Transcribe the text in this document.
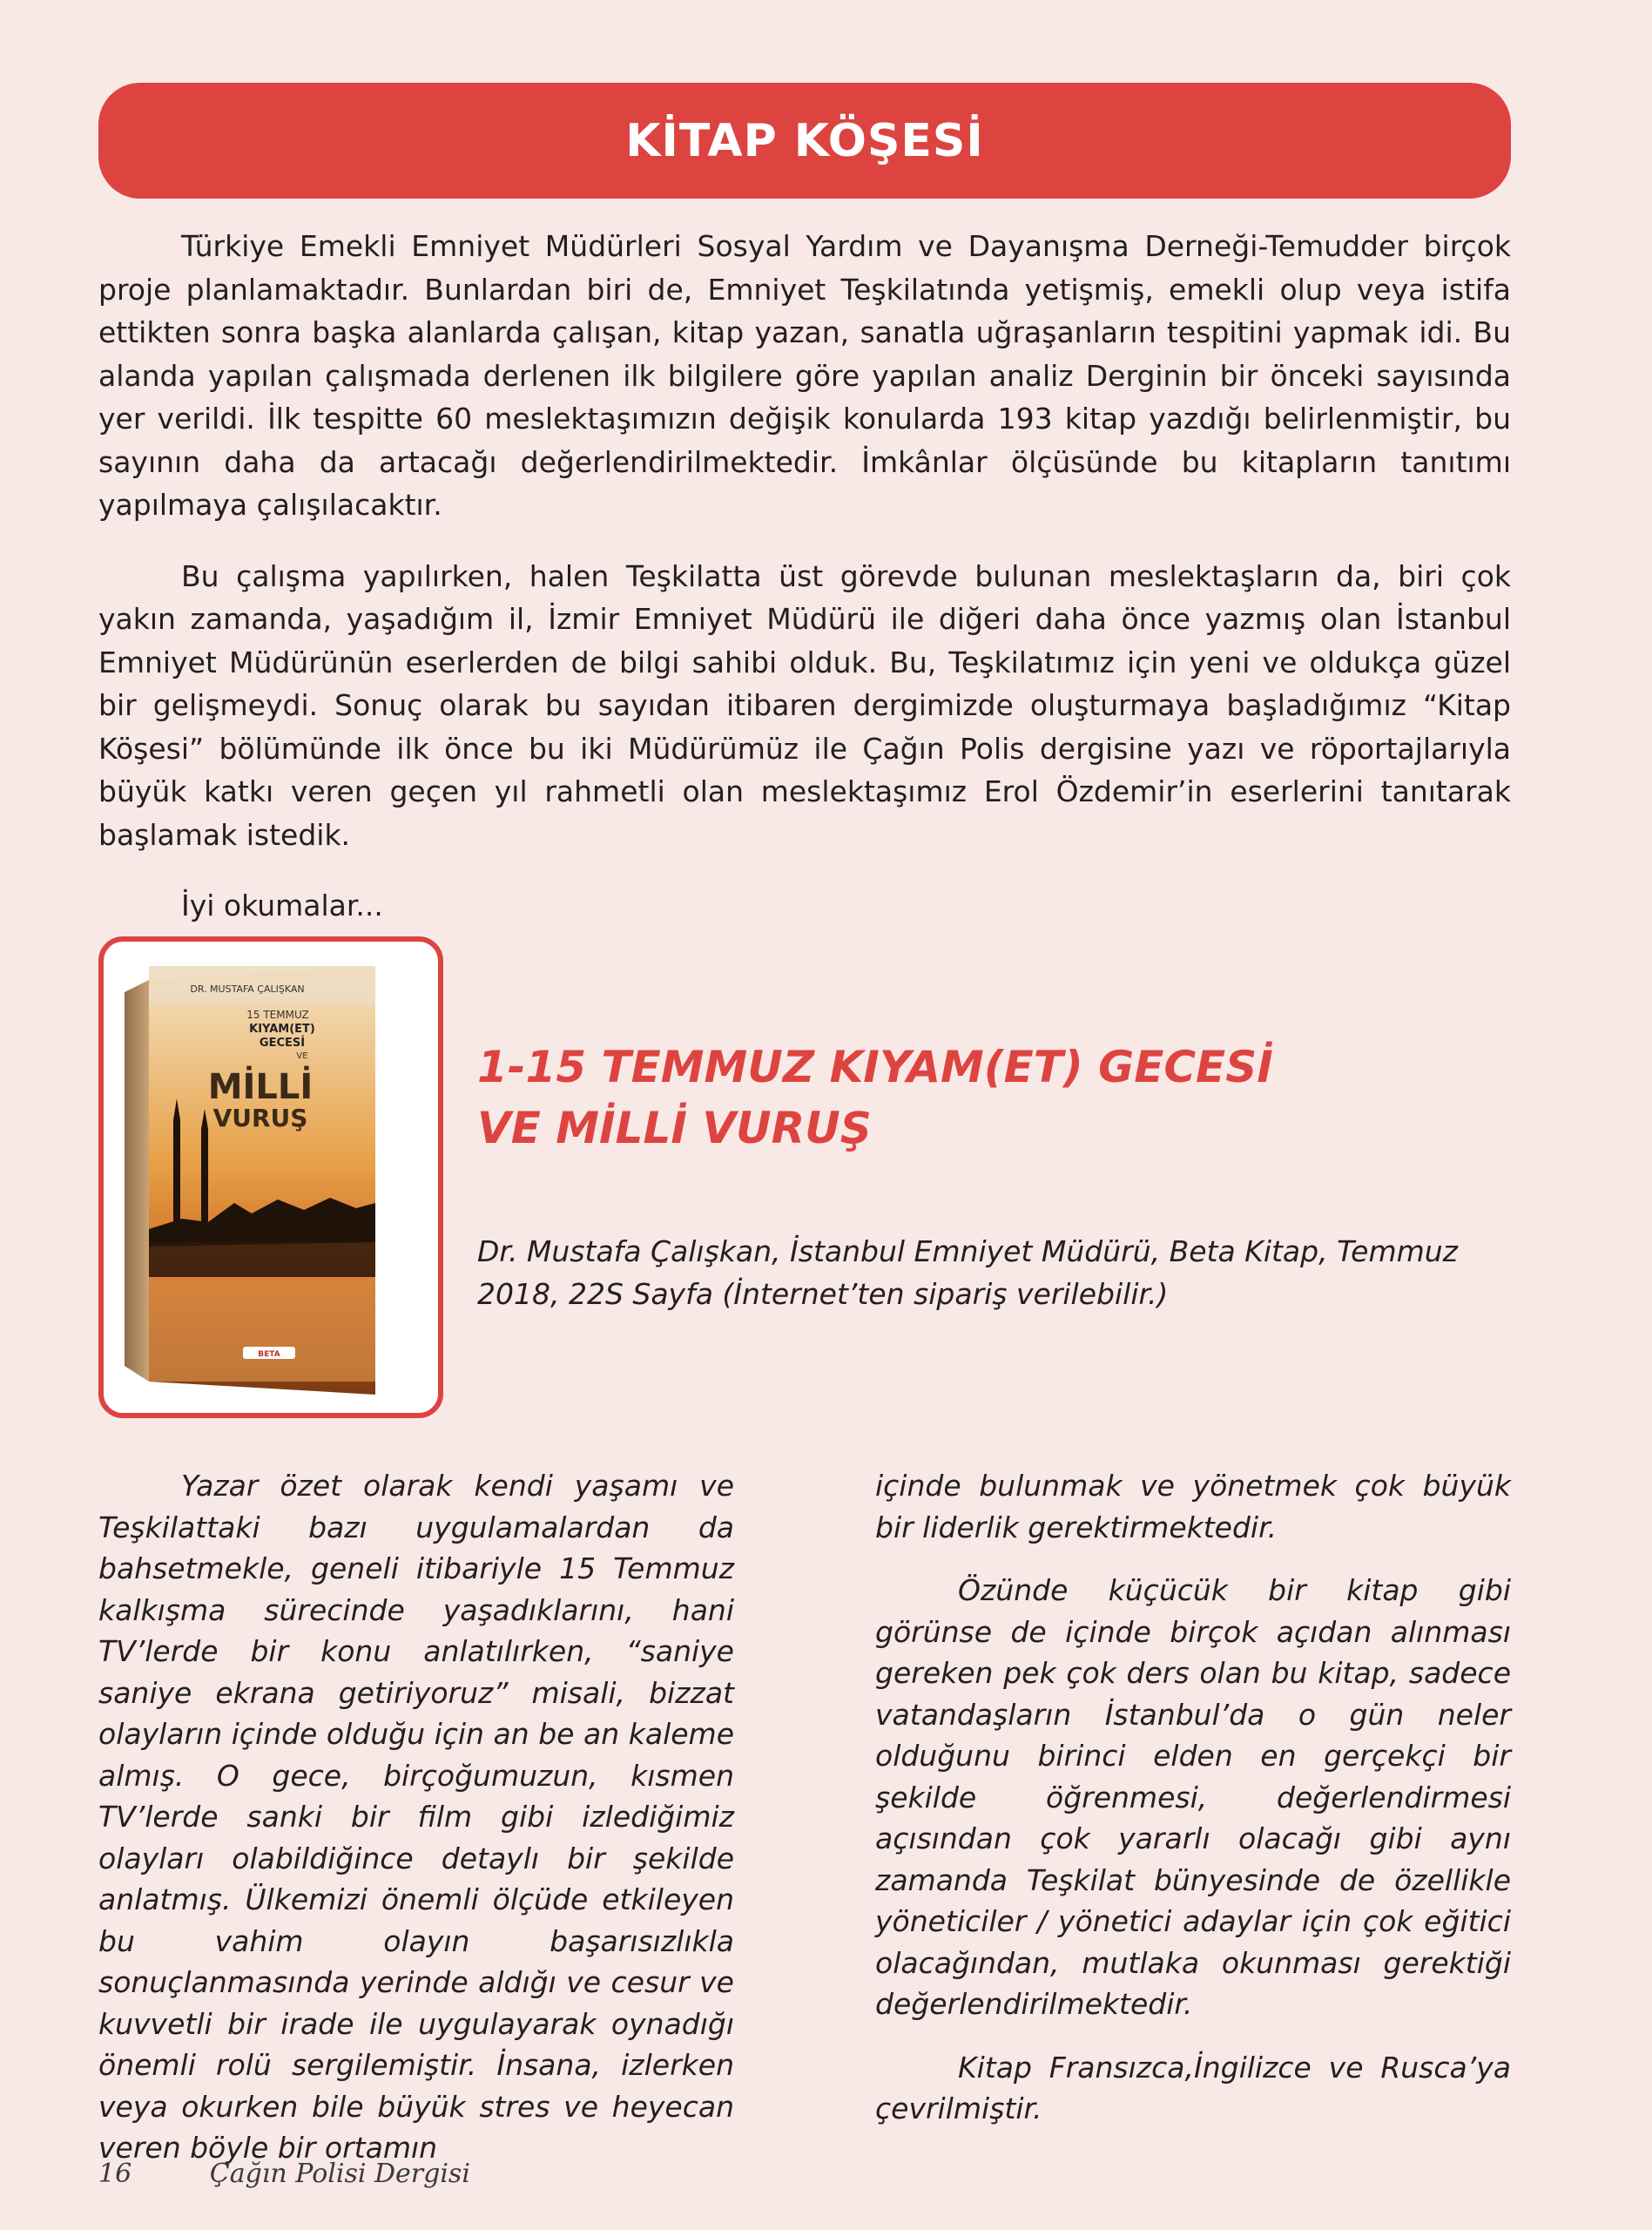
KİTAP KÖŞESİ

Türkiye Emekli Emniyet Müdürleri Sosyal Yardım ve Dayanışma Derneği-Temudder birçok proje planlamaktadır. Bunlardan biri de, Emniyet Teşkilatında yetişmiş, emekli olup veya istifa ettikten sonra başka alanlarda çalışan, kitap yazan, sanatla uğraşanların tespitini yapmak idi. Bu alanda yapılan çalışmada derlenen ilk bilgilere göre yapılan analiz Derginin bir önceki sayısında yer verildi. İlk tespitte 60 meslektaşımızın değişik konularda 193 kitap yazdığı belirlenmiştir, bu sayının daha da artacağı değerlendirilmektedir. İmkânlar ölçüsünde bu kitapların tanıtımı yapılmaya çalışılacaktır.

Bu çalışma yapılırken, halen Teşkilatta üst görevde bulunan meslektaşların da, biri çok yakın zamanda, yaşadığım il, İzmir Emniyet Müdürü ile diğeri daha önce yazmış olan İstanbul Emniyet Müdürünün eserlerden de bilgi sahibi olduk. Bu, Teşkilatımız için yeni ve oldukça güzel bir gelişmeydi. Sonuç olarak bu sayıdan itibaren dergimizde oluşturmaya başladığımız “Kitap Köşesi” bölümünde ilk önce bu iki Müdürümüz ile Çağın Polis dergisine yazı ve röportajlarıyla büyük katkı veren geçen yıl rahmetli olan meslektaşımız Erol Özdemir’in eserlerini tanıtarak başlamak istedik.

İyi okumalar...

DR. MUSTAFA ÇALIŞKAN
15 TEMMUZ
KIYAM(ET)
GECESİ
VE
MİLLİ
VURUŞ
BETA
1-15 TEMMUZ KIYAM(ET) GECESİ
VE MİLLİ VURUŞ

Dr. Mustafa Çalışkan, İstanbul Emniyet Müdürü, Beta Kitap, Temmuz 2018, 22S Sayfa (İnternet’ten sipariş verilebilir.)

Yazar özet olarak kendi yaşamı ve Teşkilattaki bazı uygulamalardan da bahsetmekle, geneli itibariyle 15 Temmuz kalkışma sürecinde yaşadıklarını, hani TV’lerde bir konu anlatılırken, “saniye saniye ekrana getiriyoruz” misali, bizzat olayların içinde olduğu için an be an kaleme almış. O gece, birçoğumuzun, kısmen TV’lerde sanki bir film gibi izlediğimiz olayları olabildiğince detaylı bir şekilde anlatmış. Ülkemizi önemli ölçüde etkileyen bu vahim olayın başarısızlıkla sonuçlanmasında yerinde aldığı ve cesur ve kuvvetli bir irade ile uygulayarak oynadığı önemli rolü sergilemiştir. İnsana, izlerken veya okurken bile büyük stres ve heyecan veren böyle bir ortamın

içinde bulunmak ve yönetmek çok büyük bir liderlik gerektirmektedir.

Özünde küçücük bir kitap gibi görünse de içinde birçok açıdan alınması gereken pek çok ders olan bu kitap, sadece vatandaşların İstanbul’da o gün neler olduğunu birinci elden en gerçekçi bir şekilde öğrenmesi, değerlendirmesi açısından çok yararlı olacağı gibi aynı zamanda Teşkilat bünyesinde de özellikle yöneticiler / yönetici adaylar için çok eğitici olacağından, mutlaka okunması gerektiği değerlendirilmektedir.

Kitap Fransızca,İngilizce ve Rusca’ya çevrilmiştir.

16	Çağın Polisi Dergisi
